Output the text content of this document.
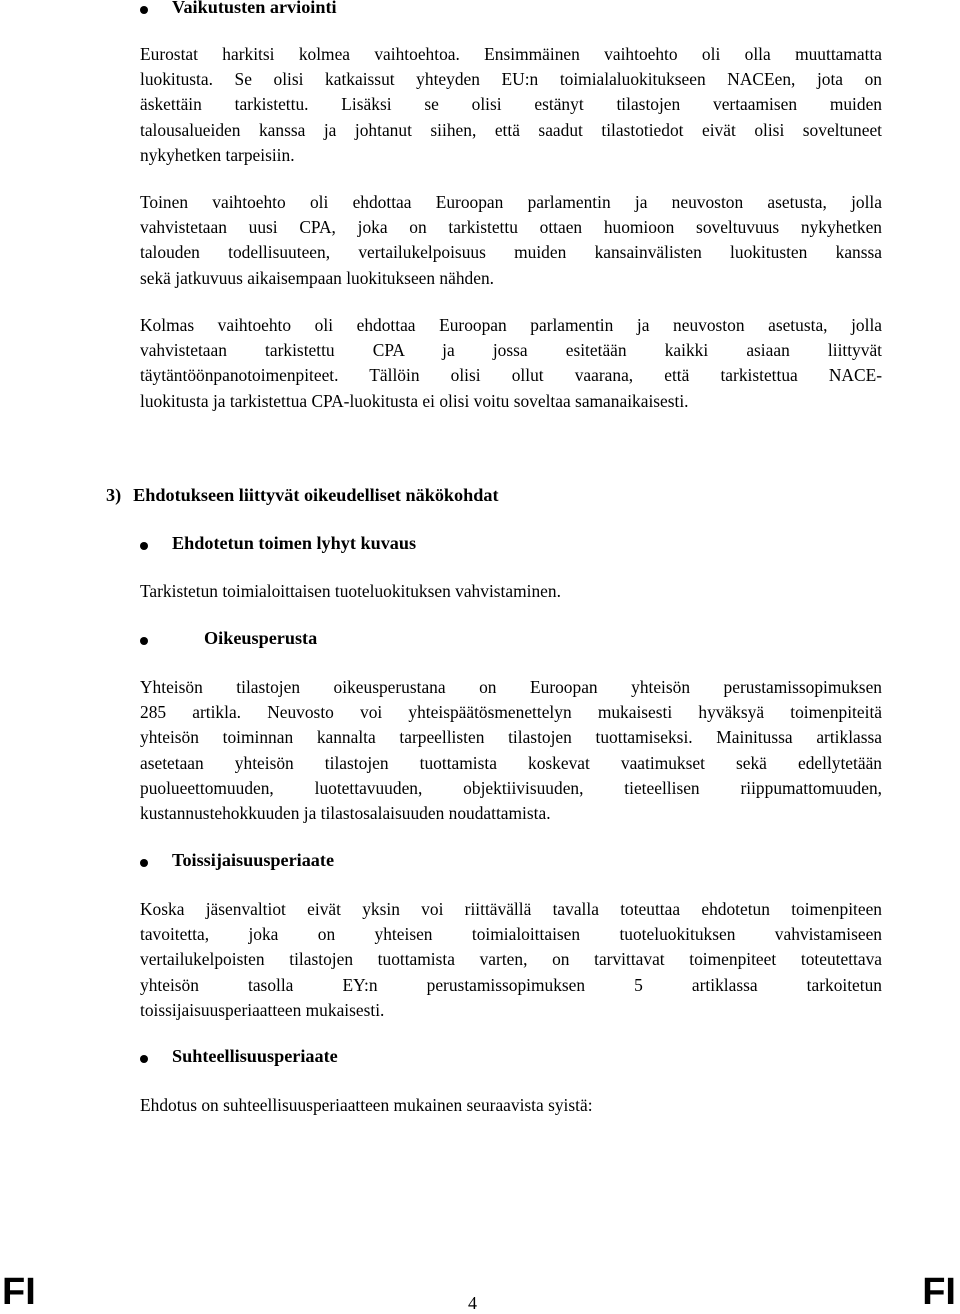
Vaikutusten arviointi
Eurostat harkitsi kolmea vaihtoehtoa. Ensimmäinen vaihtoehto oli olla muuttamatta
luokitusta. Se olisi katkaissut yhteyden EU:n toimialaluokitukseen NACEen, jota on
äskettäin tarkistettu. Lisäksi se olisi estänyt tilastojen vertaamisen muiden
talousalueiden kanssa ja johtanut siihen, että saadut tilastotiedot eivät olisi soveltuneet
nykyhetken tarpeisiin.
Toinen vaihtoehto oli ehdottaa Euroopan parlamentin ja neuvoston asetusta, jolla
vahvistetaan uusi CPA, joka on tarkistettu ottaen huomioon soveltuvuus nykyhetken
talouden todellisuuteen, vertailukelpoisuus muiden kansainvälisten luokitusten kanssa
sekä jatkuvuus aikaisempaan luokitukseen nähden.
Kolmas vaihtoehto oli ehdottaa Euroopan parlamentin ja neuvoston asetusta, jolla
vahvistetaan tarkistettu CPA ja jossa esitetään kaikki asiaan liittyvät
täytäntöönpanotoimenpiteet. Tällöin olisi ollut vaarana, että tarkistettua NACE-
luokitusta ja tarkistettua CPA-luokitusta ei olisi voitu soveltaa samanaikaisesti.
3) Ehdotukseen liittyvät oikeudelliset näkökohdat
Ehdotetun toimen lyhyt kuvaus
Tarkistetun toimialoittaisen tuoteluokituksen vahvistaminen.
Oikeusperusta
Yhteisön tilastojen oikeusperustana on Euroopan yhteisön perustamissopimuksen
285 artikla. Neuvosto voi yhteispäätösmenettelyn mukaisesti hyväksyä toimenpiteitä
yhteisön toiminnan kannalta tarpeellisten tilastojen tuottamiseksi. Mainitussa artiklassa
asetetaan yhteisön tilastojen tuottamista koskevat vaatimukset sekä edellytetään
puolueettomuuden, luotettavuuden, objektiivisuuden, tieteellisen riippumattomuuden,
kustannustehokkuuden ja tilastosalaisuuden noudattamista.
Toissijaisuusperiaate
Koska jäsenvaltiot eivät yksin voi riittävällä tavalla toteuttaa ehdotetun toimenpiteen
tavoitetta, joka on yhteisen toimialoittaisen tuoteluokituksen vahvistamiseen
vertailukelpoisten tilastojen tuottamista varten, on tarvittavat toimenpiteet toteutettava
yhteisön tasolla EY:n perustamissopimuksen 5 artiklassa tarkoitetun
toissijaisuusperiaatteen mukaisesti.
Suhteellisuusperiaate
Ehdotus on suhteellisuusperiaatteen mukainen seuraavista syistä:
FI	4	FI
